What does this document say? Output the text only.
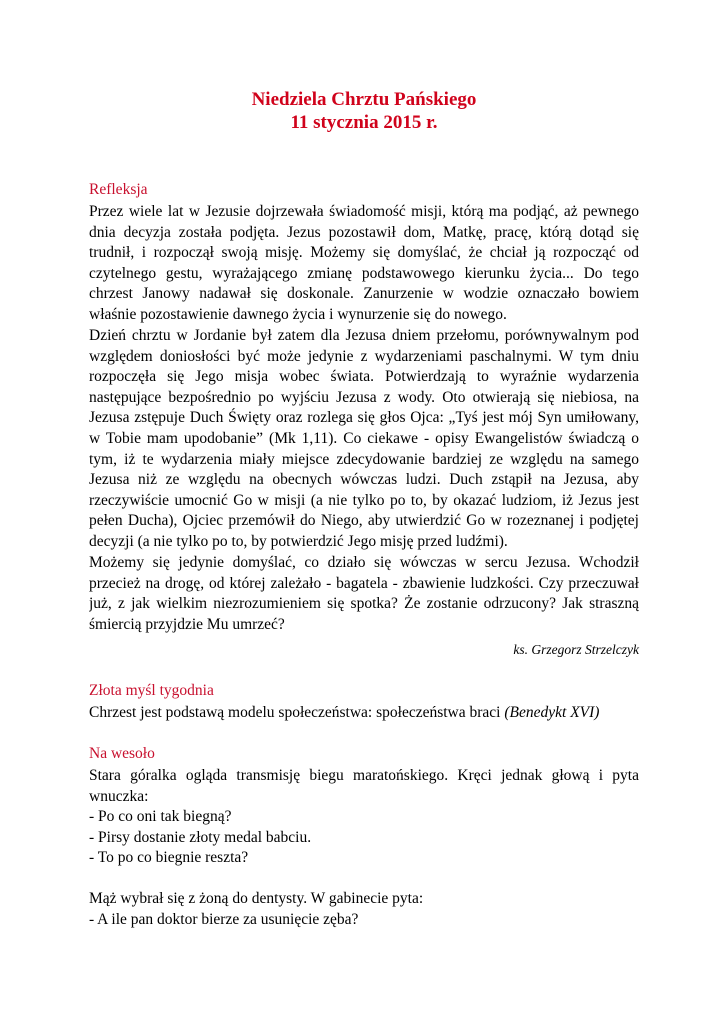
Niedziela Chrztu Pańskiego
11 stycznia 2015 r.
Refleksja
Przez wiele lat w Jezusie dojrzewała świadomość misji, którą ma podjąć, aż pewnego
dnia decyzja została podjęta. Jezus pozostawił dom, Matkę, pracę, którą dotąd się
trudnił, i rozpoczął swoją misję. Możemy się domyślać, że chciał ją rozpocząć od
czytelnego gestu, wyrażającego zmianę podstawowego kierunku życia... Do tego
chrzest Janowy nadawał się doskonale. Zanurzenie w wodzie oznaczało bowiem
właśnie pozostawienie dawnego życia i wynurzenie się do nowego.
Dzień chrztu w Jordanie był zatem dla Jezusa dniem przełomu, porównywalnym pod
względem doniosłości być może jedynie z wydarzeniami paschalnymi. W tym dniu
rozpoczęła się Jego misja wobec świata. Potwierdzają to wyraźnie wydarzenia
następujące bezpośrednio po wyjściu Jezusa z wody. Oto otwierają się niebiosa, na
Jezusa zstępuje Duch Święty oraz rozlega się głos Ojca: „Tyś jest mój Syn umiłowany,
w Tobie mam upodobanie” (Mk 1,11). Co ciekawe - opisy Ewangelistów świadczą o
tym, iż te wydarzenia miały miejsce zdecydowanie bardziej ze względu na samego
Jezusa niż ze względu na obecnych wówczas ludzi. Duch zstąpił na Jezusa, aby
rzeczywiście umocnić Go w misji (a nie tylko po to, by okazać ludziom, iż Jezus jest
pełen Ducha), Ojciec przemówił do Niego, aby utwierdzić Go w rozeznanej i podjętej
decyzji (a nie tylko po to, by potwierdzić Jego misję przed ludźmi).
Możemy się jedynie domyślać, co działo się wówczas w sercu Jezusa. Wchodził
przecież na drogę, od której zależało - bagatela - zbawienie ludzkości. Czy przeczuwał
już, z jak wielkim niezrozumieniem się spotka? Że zostanie odrzucony? Jak straszną
śmiercią przyjdzie Mu umrzeć?
ks. Grzegorz Strzelczyk
Złota myśl tygodnia
Chrzest jest podstawą modelu społeczeństwa: społeczeństwa braci (Benedykt XVI)
Na wesoło
Stara góralka ogląda transmisję biegu maratońskiego. Kręci jednak głową i pyta
wnuczka:
- Po co oni tak biegną?
- Pirsy dostanie złoty medal babciu.
- To po co biegnie reszta?
Mąż wybrał się z żoną do dentysty. W gabinecie pyta:
- A ile pan doktor bierze za usunięcie zęba?
